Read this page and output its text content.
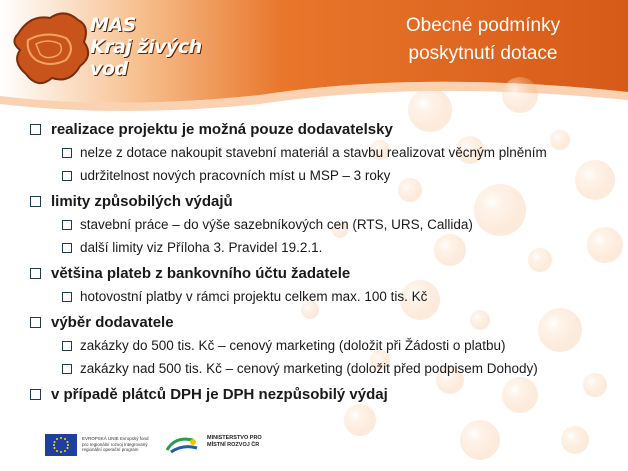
MAS
Kraj živých vod
Obecné podmínky
poskytnutí dotace
realizace projektu je možná pouze dodavatelsky
nelze z dotace nakoupit stavební materiál a stavbu realizovat věcným plněním
udržitelnost nových pracovních míst u MSP – 3 roky
limity způsobilých výdajů
stavební práce – do výše sazebníkových cen (RTS, URS, Callida)
další limity viz Příloha 3. Pravidel 19.2.1.
většina plateb z bankovního účtu žadatele
hotovostní platby v rámci projektu celkem max. 100 tis. Kč
výběr dodavatele
zakázky do 500 tis. Kč – cenový marketing (doložit při Žádosti o platbu)
zakázky nad 500 tis. Kč – cenový marketing (doložit před podpisem Dohody)
v případě plátců DPH je DPH nezpůsobilý výdaj
EVROPSKÁ UNIE Evropský fond pro regionální rozvoj Integrovaný regionální operační program
MINISTERSTVO PRO MÍSTNÍ ROZVOJ ČR
